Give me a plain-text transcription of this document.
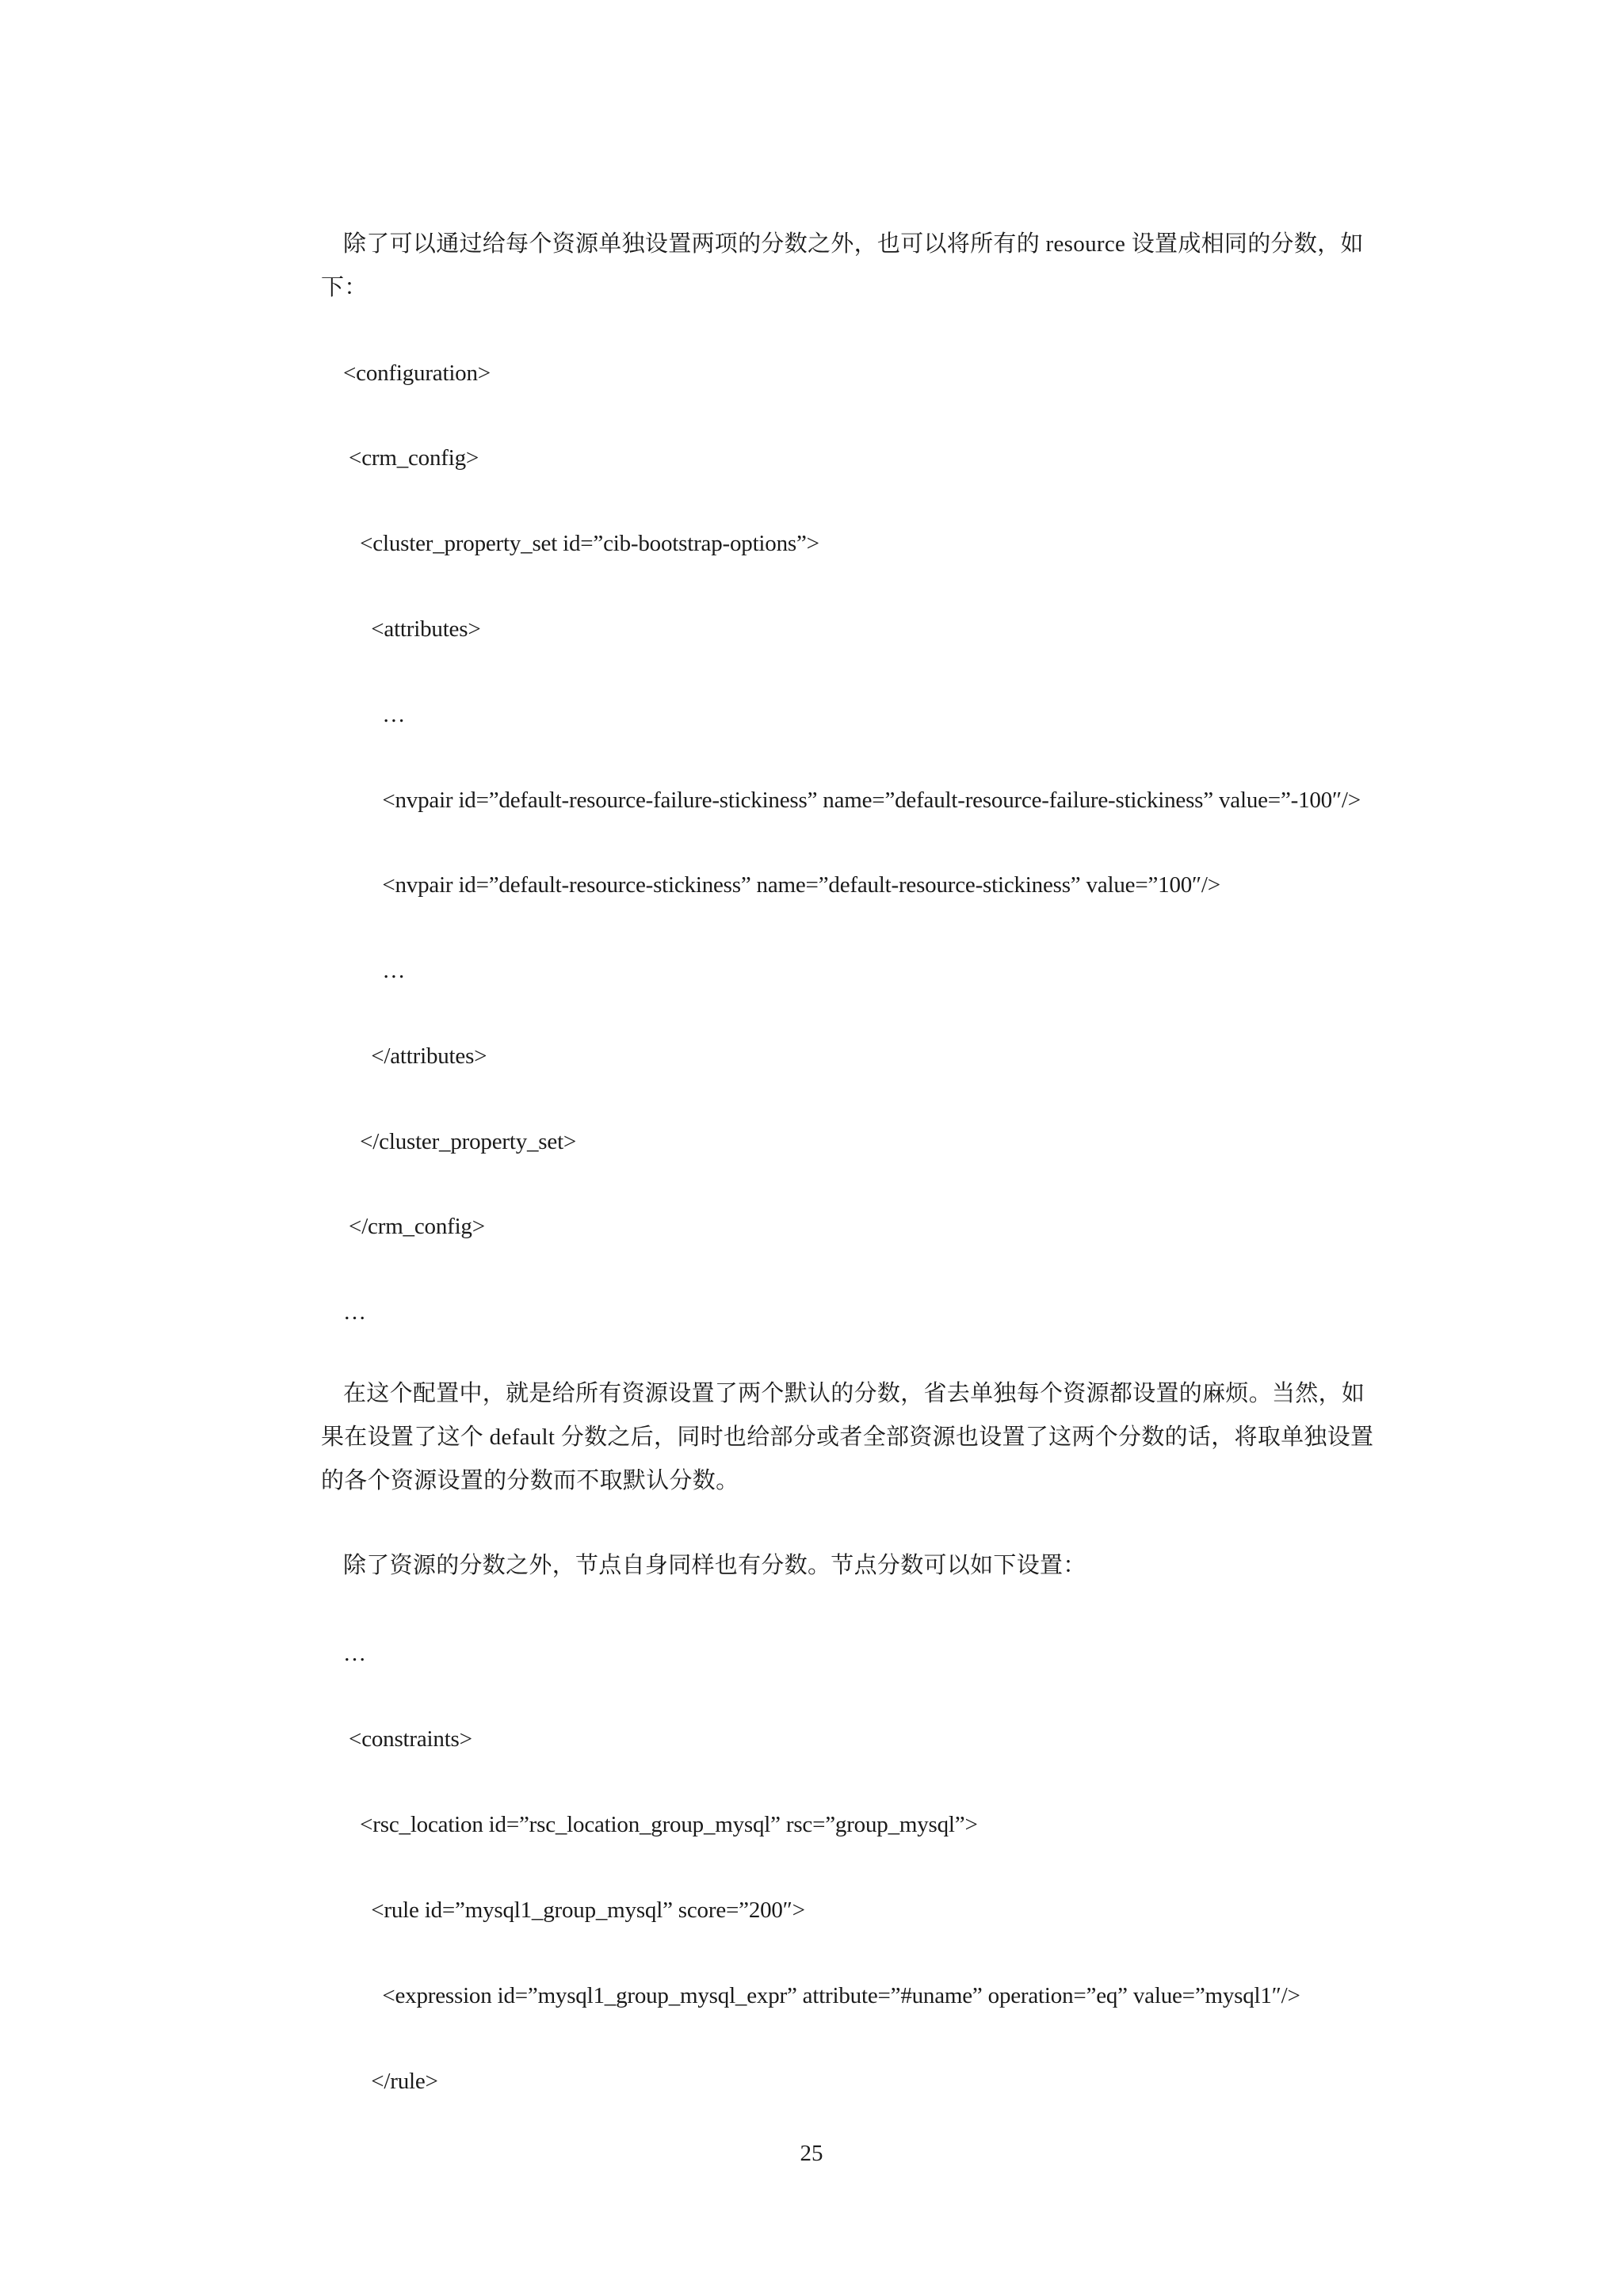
除了可以通过给每个资源单独设置两项的分数之外，也可以将所有的 resource 设置成相同的分数，如下：
<configuration>
<crm_config>
<cluster_property_set id=”cib-bootstrap-options”>
<attributes>
…
<nvpair id=”default-resource-failure-stickiness” name=”default-resource-failure-stickiness” value=”-100″/>
<nvpair id=”default-resource-stickiness” name=”default-resource-stickiness” value=”100″/>
…
</attributes>
</cluster_property_set>
</crm_config>
…
在这个配置中，就是给所有资源设置了两个默认的分数，省去单独每个资源都设置的麻烦。当然，如果在设置了这个 default 分数之后，同时也给部分或者全部资源也设置了这两个分数的话，将取单独设置的各个资源设置的分数而不取默认分数。
除了资源的分数之外，节点自身同样也有分数。节点分数可以如下设置：
…
<constraints>
<rsc_location id=”rsc_location_group_mysql” rsc=”group_mysql”>
<rule id=”mysql1_group_mysql” score=”200″>
<expression id=”mysql1_group_mysql_expr” attribute=”#uname” operation=”eq” value=”mysql1″/>
</rule>
25
